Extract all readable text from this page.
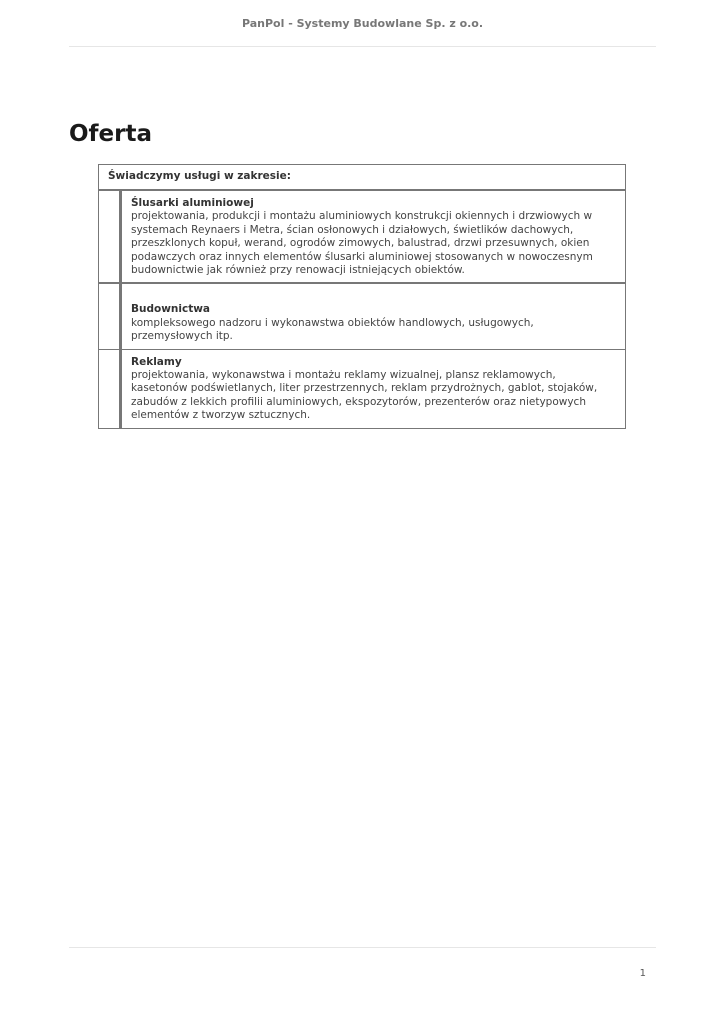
PanPol - Systemy Budowlane Sp. z o.o.
Oferta
Świadczymy usługi w zakresie:	

	Ślusarki aluminiowej
projektowania, produkcji i montażu aluminiowych konstrukcji okiennych i drzwiowych w systemach Reynaers i Metra, ścian osłonowych i działowych, świetlików dachowych, przeszklonych kopuł, werand, ogrodów zimowych, balustrad, drzwi przesuwnych, okien podawczych oraz innych elementów ślusarki aluminiowej stosowanych w nowoczesnym budownictwie jak również przy renowacji istniejących obiektów.

	Budownictwa
kompleksowego nadzoru i wykonawstwa obiektów handlowych, usługowych, przemysłowych itp.

	Reklamy
projektowania, wykonawstwa i montażu reklamy wizualnej, plansz reklamowych, kasetonów podświetlanych, liter przestrzennych, reklam przydrożnych, gablot, stojaków, zabudów z lekkich profilii aluminiowych, ekspozytorów, prezenterów oraz nietypowych elementów z tworzyw sztucznych.
1
